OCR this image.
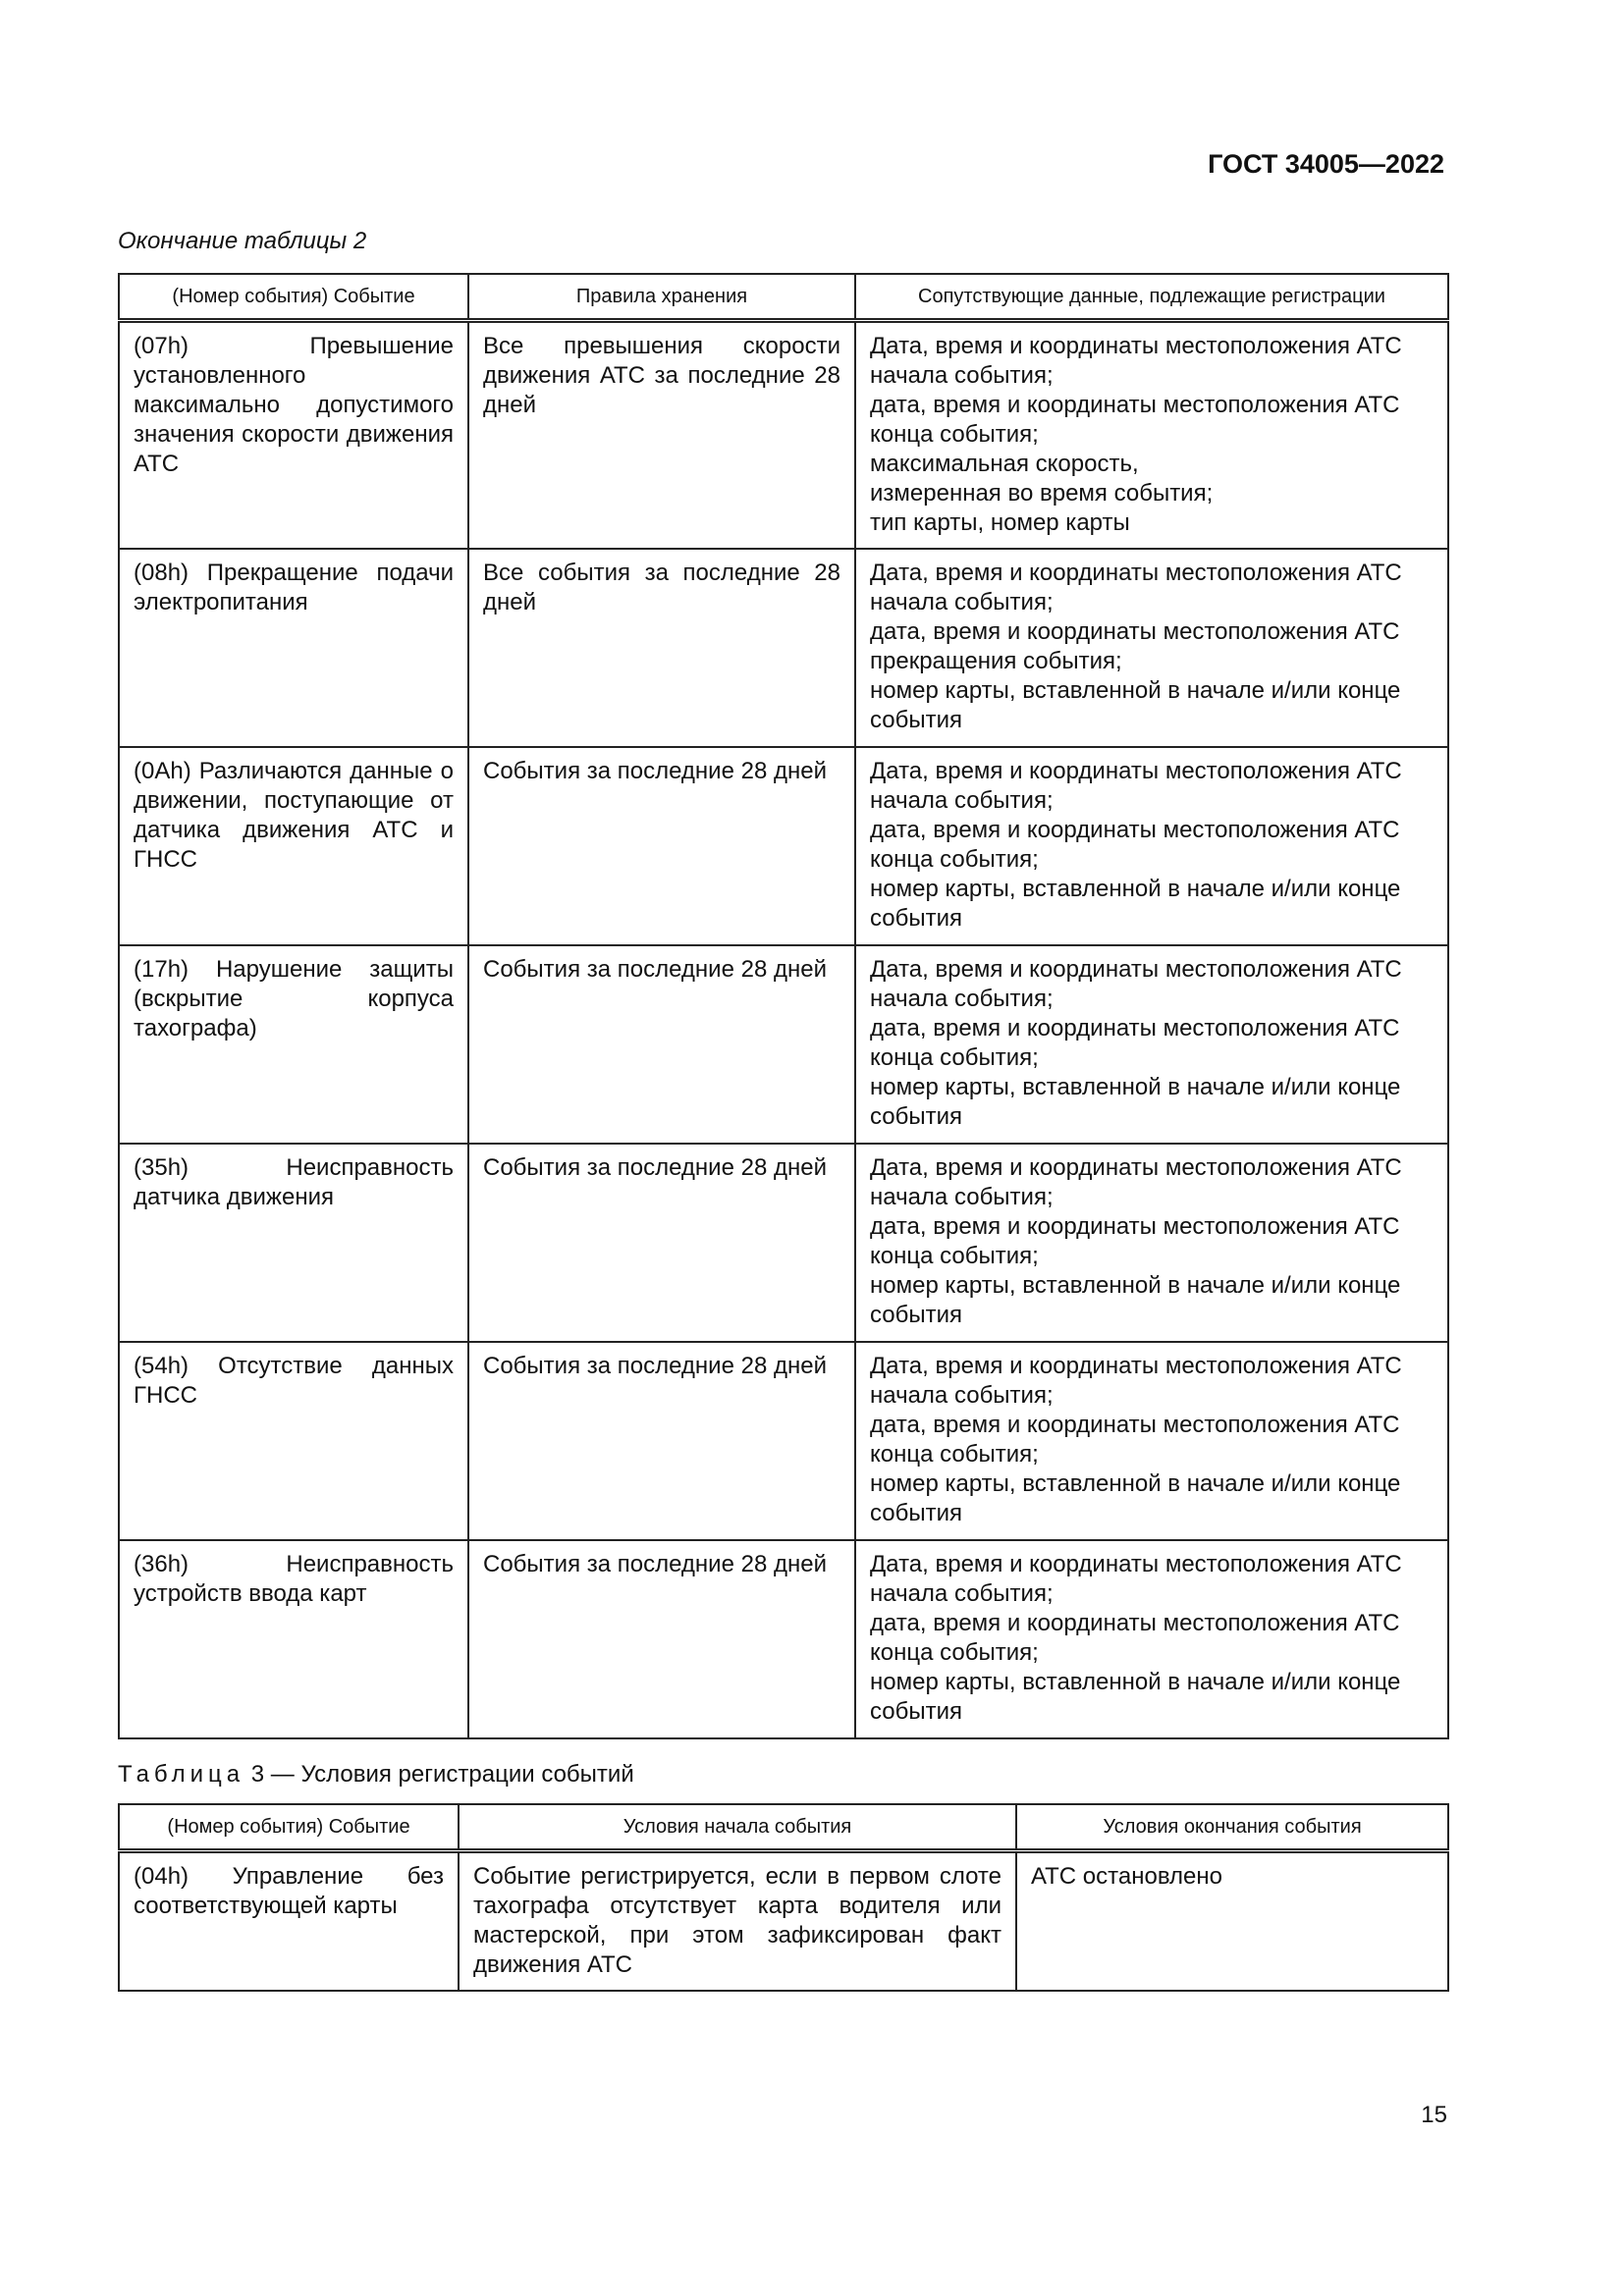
ГОСТ 34005—2022
Окончание таблицы 2
(Номер события) Событие	Правила хранения	Сопутствующие данные, подлежащие регистрации
(07h) Превышение установленного максимально допустимого значения скорости движения АТС	Все превышения скорости движения АТС за последние 28 дней	Дата, время и координаты местоположения АТС начала события;
дата, время и координаты местоположения АТС конца события;
максимальная скорость,
измеренная во время события;
тип карты, номер карты

(08h) Прекращение подачи электропитания	Все события за последние 28 дней	Дата, время и координаты местоположения АТС начала события;
дата, время и координаты местоположения АТС прекращения события;
номер карты, вставленной в начале и/или конце события

(0Ah) Различаются данные о движении, поступающие от датчика движения АТС и ГНСС	События за последние 28 дней	Дата, время и координаты местоположения АТС начала события;
дата, время и координаты местоположения АТС конца события;
номер карты, вставленной в начале и/или конце события

(17h) Нарушение защиты (вскрытие корпуса тахографа)	События за последние 28 дней	Дата, время и координаты местоположения АТС начала события;
дата, время и координаты местоположения АТС конца события;
номер карты, вставленной в начале и/или конце события

(35h) Неисправность датчика движения	События за последние 28 дней	Дата, время и координаты местоположения АТС начала события;
дата, время и координаты местоположения АТС конца события;
номер карты, вставленной в начале и/или конце события

(54h) Отсутствие данных ГНСС	События за последние 28 дней	Дата, время и координаты местоположения АТС начала события;
дата, время и координаты местоположения АТС конца события;
номер карты, вставленной в начале и/или конце события

(36h) Неисправность устройств ввода карт	События за последние 28 дней	Дата, время и координаты местоположения АТС начала события;
дата, время и координаты местоположения АТС конца события;
номер карты, вставленной в начале и/или конце события
Таблица 3 — Условия регистрации событий
(Номер события) Событие	Условия начала события	Условия окончания события
(04h) Управление без соответствующей карты	Событие регистрируется, если в первом слоте тахографа отсутствует карта водителя или мастерской, при этом зафиксирован факт движения АТС	АТС остановлено
15
